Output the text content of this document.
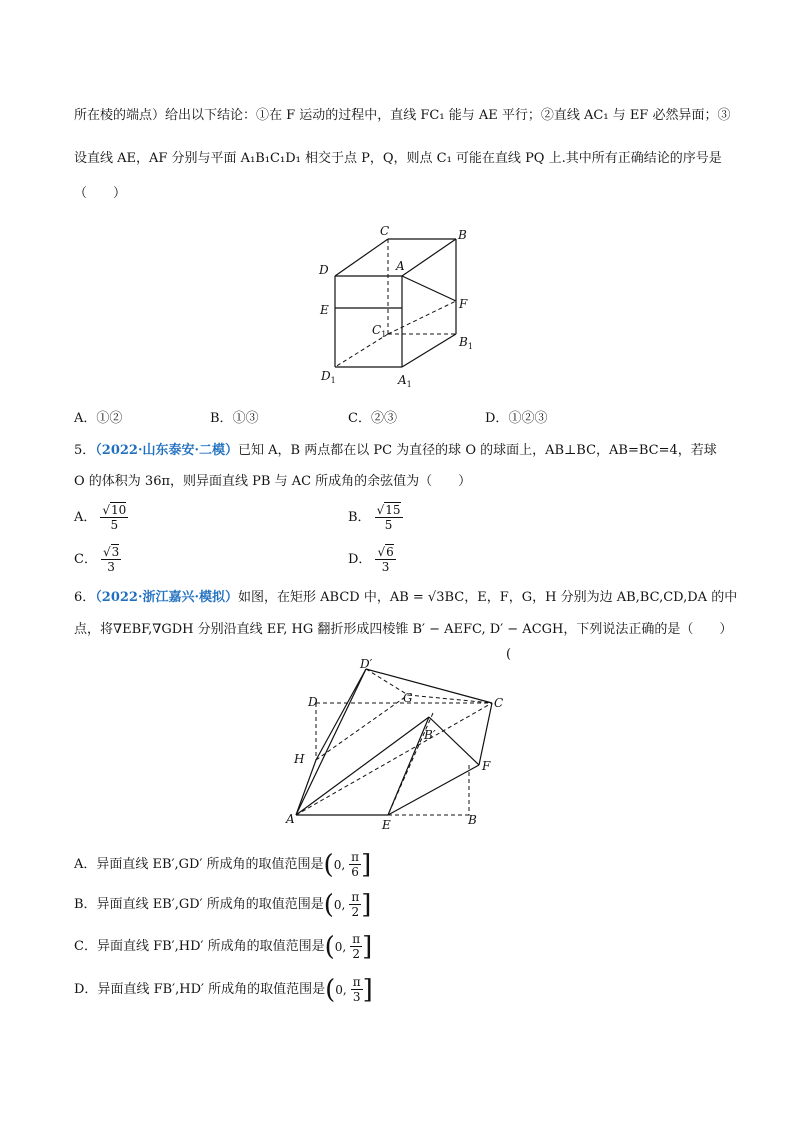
所在棱的端点）给出以下结论：①在 F 运动的过程中，直线 FC₁ 能与 AE 平行；②直线 AC₁ 与 EF 必然异面；③
设直线 AE，AF 分别与平面 A₁B₁C₁D₁ 相交于点 P，Q，则点 C₁ 可能在直线 PQ 上.其中所有正确结论的序号是
（　　）
C	B
D	A
E	F
$C_1$
$B_1$
$D_1$	$A_1$
A．①②	B．①③	C．②③	D．①②③
5．（2022·山东泰安·二模）已知 A，B 两点都在以 PC 为直径的球 O 的球面上，AB⊥BC，AB=BC=4，若球
O 的体积为 36π，则异面直线 PB 与 AC 所成角的余弦值为（　　）
A． $\frac{√10}{5}$	B． $\frac{√15}{5}$
C． $\frac{√3}{3}$	D． $\frac{√6}{3}$
6．（2022·浙江嘉兴·模拟）如图，在矩形 ABCD 中，AB = √3BC，E，F，G，H 分别为边 AB,BC,CD,DA 的中
点，将∇EBF,∇GDH 分别沿直线 EF, HG 翻折形成四棱锥 B′ − AEFC, D′ − ACGH，下列说法正确的是（　　）
(
D′
D	G	C
H
B′
F
A	E	B
A．异面直线 EB′,GD′ 所成角的取值范围是 ( 0 , $\frac{\pi}{6}$ ]
B．异面直线 EB′,GD′ 所成角的取值范围是 ( 0 , $\frac{\pi}{2}$ ]
C．异面直线 FB′,HD′ 所成角的取值范围是 ( 0 , $\frac{\pi}{2}$ ]
D．异面直线 FB′,HD′ 所成角的取值范围是 ( 0 , $\frac{\pi}{3}$ ]
